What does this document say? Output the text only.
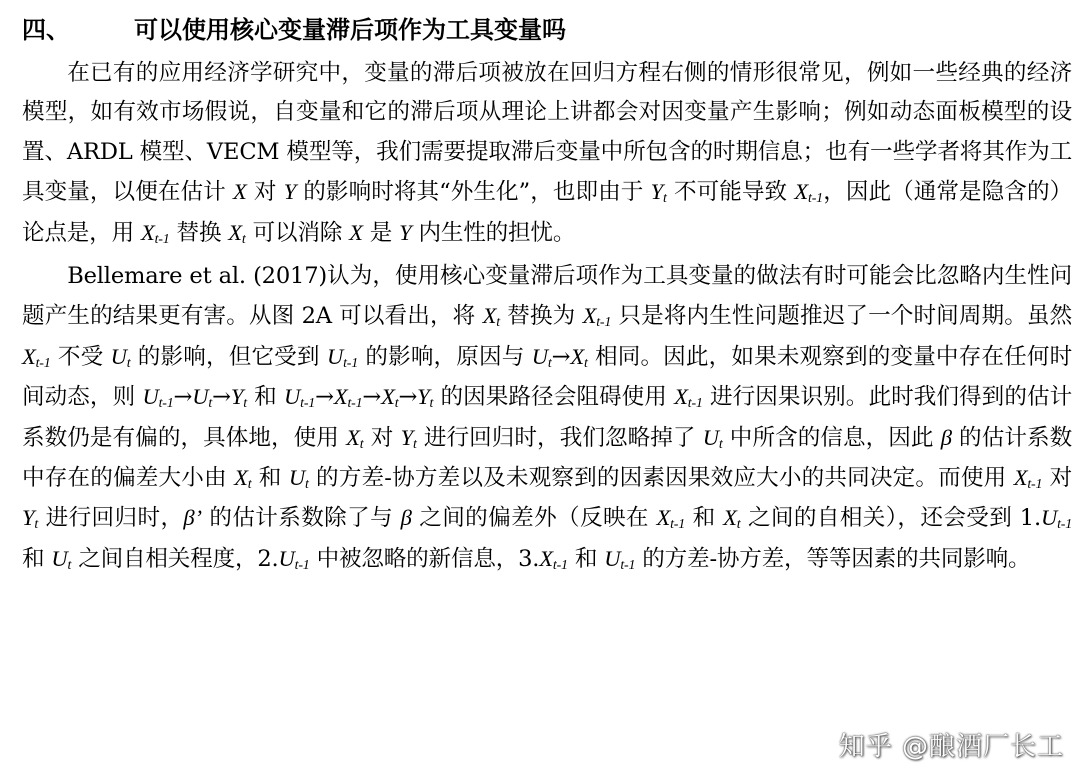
四、	可以使用核心变量滞后项作为工具变量吗

在已有的应用经济学研究中，变量的滞后项被放在回归方程右侧的情形很常见，例如一些经典的经济模型，如有效市场假说，自变量和它的滞后项从理论上讲都会对因变量产生影响；例如动态面板模型的设置、ARDL 模型、VECM 模型等，我们需要提取滞后变量中所包含的时期信息；也有一些学者将其作为工具变量，以便在估计 X 对 Y 的影响时将其“外生化”，也即由于 $Y_t$ 不可能导致 $X_{t-1}$，因此（通常是隐含的）论点是，用 $X_{t-1}$ 替换 $X_t$ 可以消除 X 是 Y 内生性的担忧。

Bellemare et al. (2017)认为，使用核心变量滞后项作为工具变量的做法有时可能会比忽略内生性问题产生的结果更有害。从图 2A 可以看出，将 $X_t$ 替换为 $X_{t-1}$ 只是将内生性问题推迟了一个时间周期。虽然 $X_{t-1}$ 不受 $U_t$ 的影响，但它受到 $U_{t-1}$ 的影响，原因与 $U_t\to X_t$ 相同。因此，如果未观察到的变量中存在任何时间动态，则 $U_{t-1}\to U_t\to Y_t$ 和 $U_{t-1}\to X_{t-1}\to X_t\to Y_t$ 的因果路径会阻碍使用 $X_{t-1}$ 进行因果识别。此时我们得到的估计系数仍是有偏的，具体地，使用 $X_t$ 对 $Y_t$ 进行回归时，我们忽略掉了 $U_t$ 中所含的信息，因此 β 的估计系数中存在的偏差大小由 $X_t$ 和 $U_t$ 的方差-协方差以及未观察到的因素因果效应大小的共同决定。而使用 $X_{t-1}$ 对 $Y_t$ 进行回归时，β’ 的估计系数除了与 β 之间的偏差外（反映在 $X_{t-1}$ 和 $X_t$ 之间的自相关），还会受到 $1.U_{t-1}$ 和 $U_t$ 之间自相关程度，$2.U_{t-1}$ 中被忽略的新信息，$3.X_{t-1}$ 和 $U_{t-1}$ 的方差-协方差，等等因素的共同影响。

知乎 @酿酒厂长工
